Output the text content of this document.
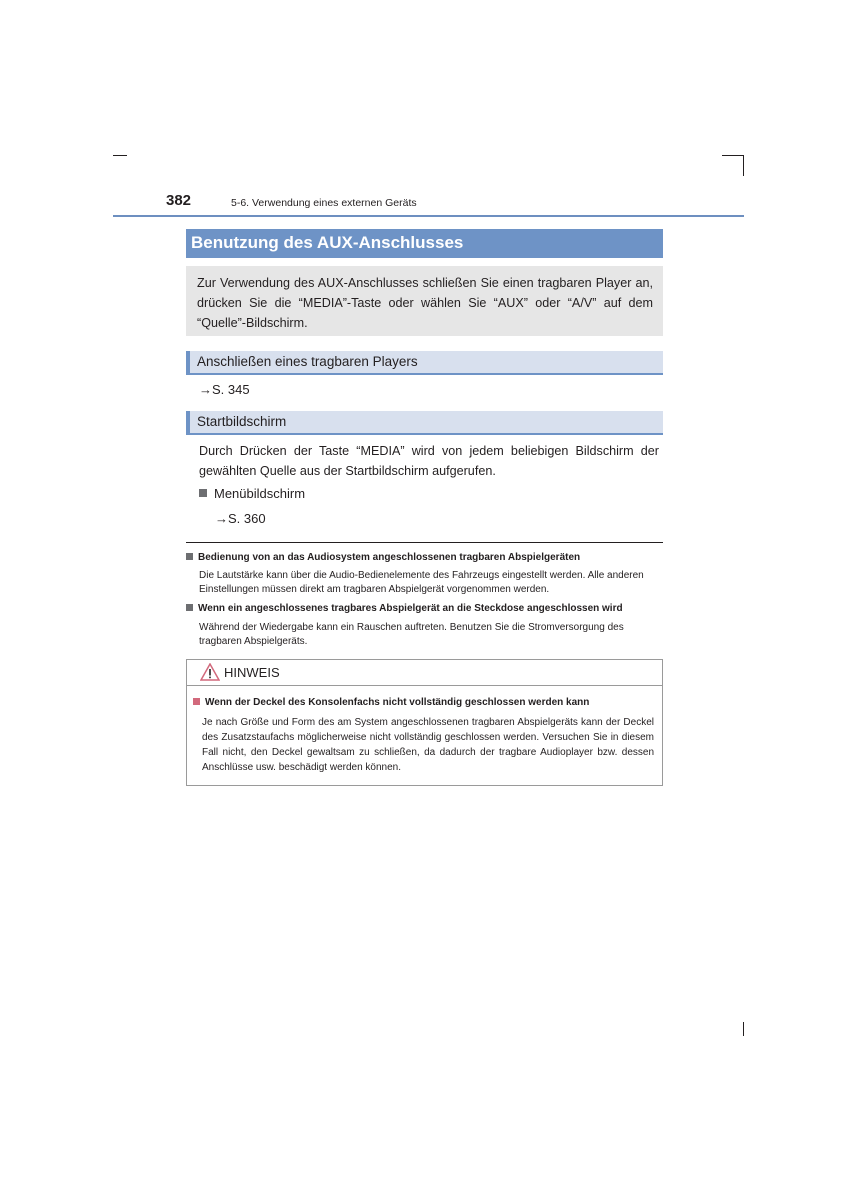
382	5-6. Verwendung eines externen Geräts
Benutzung des AUX-Anschlusses
Zur Verwendung des AUX-Anschlusses schließen Sie einen tragbaren Player an, drücken Sie die “MEDIA”-Taste oder wählen Sie “AUX” oder “A/V” auf dem “Quelle”-Bildschirm.
Anschließen eines tragbaren Players
→S. 345
Startbildschirm
Durch Drücken der Taste “MEDIA” wird von jedem beliebigen Bildschirm der gewählten Quelle aus der Startbildschirm aufgerufen.
Menübildschirm
→S. 360
Bedienung von an das Audiosystem angeschlossenen tragbaren Abspielgeräten
Die Lautstärke kann über die Audio-Bedienelemente des Fahrzeugs eingestellt werden. Alle anderen Einstellungen müssen direkt am tragbaren Abspielgerät vorgenommen werden.
Wenn ein angeschlossenes tragbares Abspielgerät an die Steckdose angeschlossen wird
Während der Wiedergabe kann ein Rauschen auftreten. Benutzen Sie die Stromversorgung des tragbaren Abspielgeräts.
HINWEIS
Wenn der Deckel des Konsolenfachs nicht vollständig geschlossen werden kann
Je nach Größe und Form des am System angeschlossenen tragbaren Abspielgeräts kann der Deckel des Zusatzstaufachs möglicherweise nicht vollständig geschlossen werden. Versuchen Sie in diesem Fall nicht, den Deckel gewaltsam zu schließen, da dadurch der tragbare Audioplayer bzw. dessen Anschlüsse usw. beschädigt werden können.
